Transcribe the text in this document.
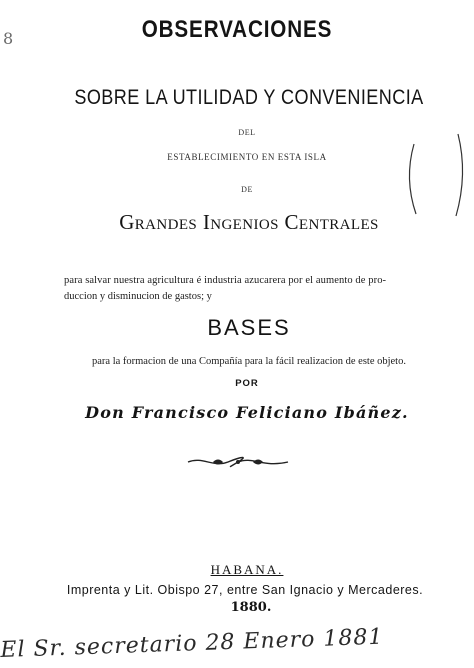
8	OBSERVACIONES
SOBRE LA UTILIDAD Y CONVENIENCIA
DEL
ESTABLECIMIENTO EN ESTA ISLA
DE
Grandes Ingenios Centrales
para salvar nuestra agricultura é industria azucarera por el aumento de pro-
duccion y disminucion de gastos; y
BASES
para la formacion de una Compañía para la fácil realizacion de este objeto.
POR
Don Francisco Feliciano Ibáñez.
HABANA.
Imprenta y Lit. Obispo 27, entre San Ignacio y Mercaderes.
1880.
El Sr. secretario 28 Enero 1881
